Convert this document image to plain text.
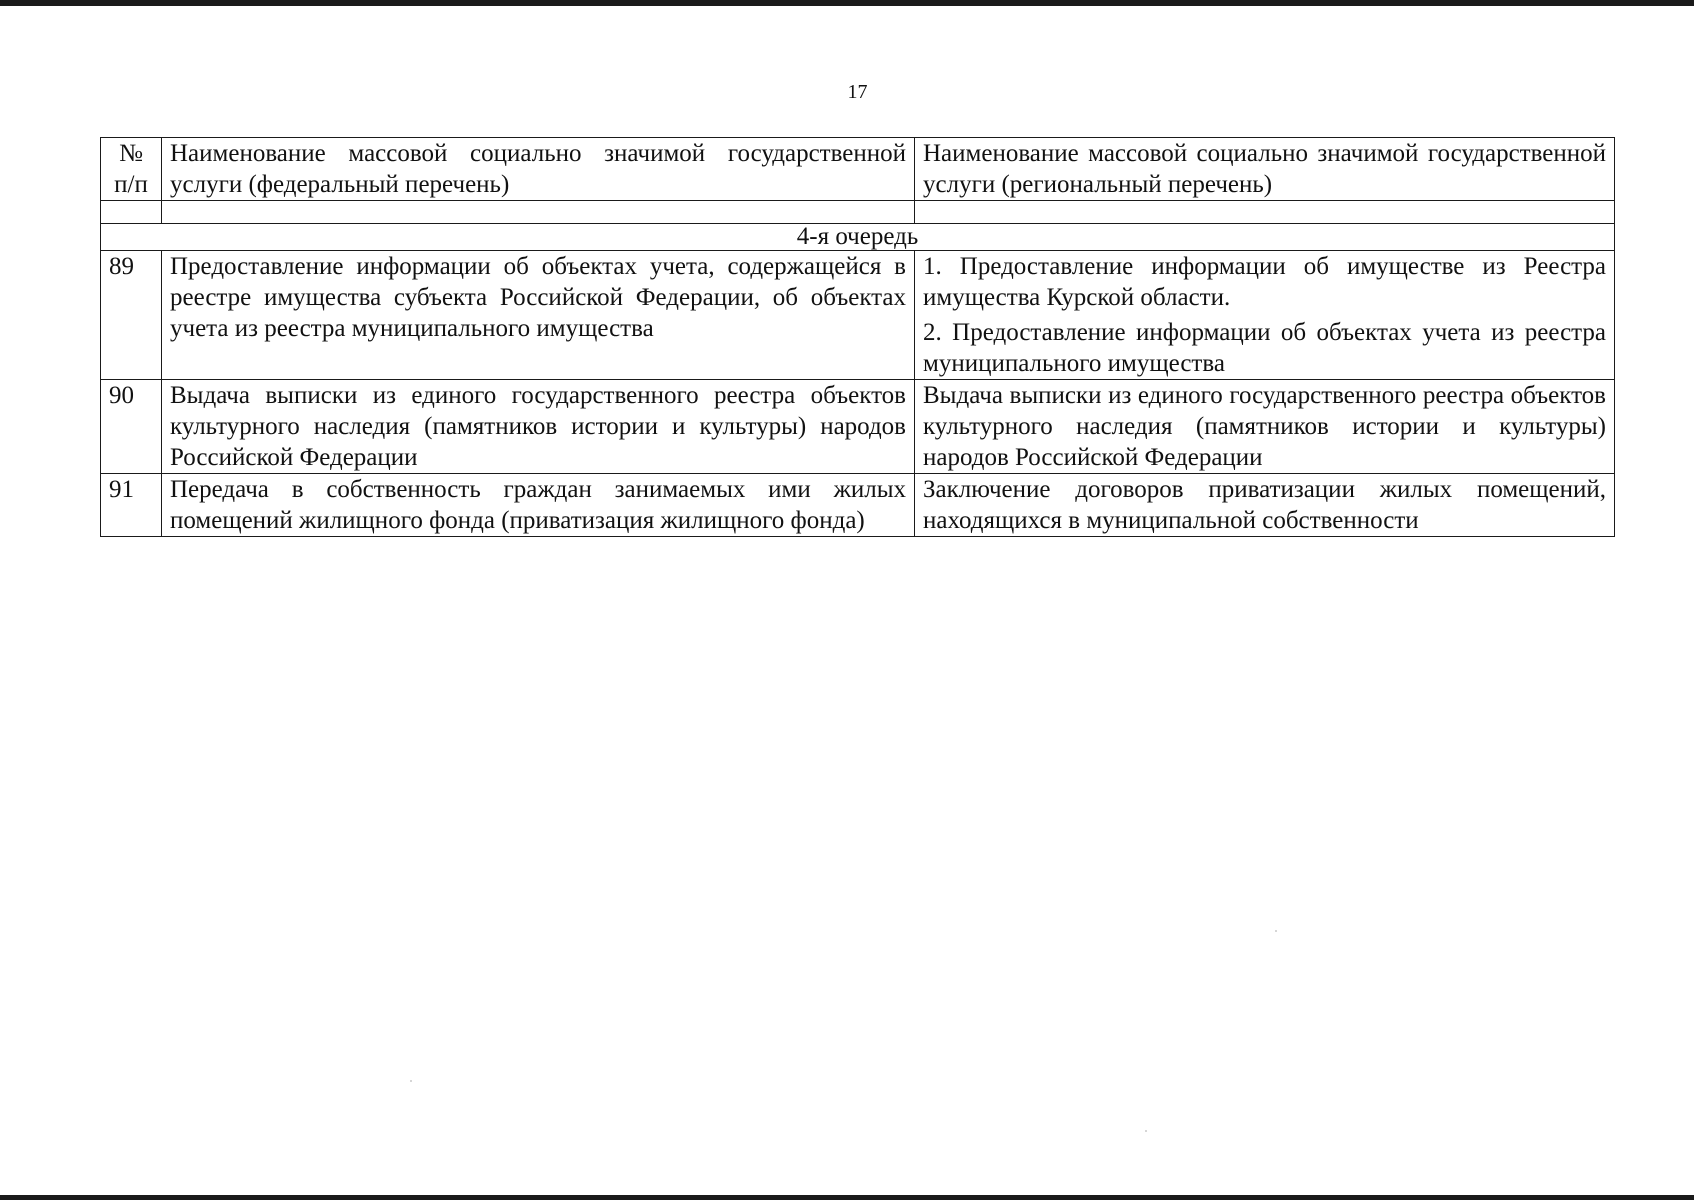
17
№ п/п	Наименование массовой социально значимой государственной услуги (федеральный перечень)	Наименование массовой социально значимой государственной услуги (региональный перечень)

4-я очередь		
89	Предоставление информации об объектах учета, содержащейся в реестре имущества субъекта Российской Федерации, об объектах учета из реестра муниципального имущества	1. Предоставление информации об имуществе из Реестра имущества Курской области.
2. Предоставление информации об объектах учета из реестра муниципального имущества

90	Выдача выписки из единого государственного реестра объектов культурного наследия (памятников истории и культуры) народов Российской Федерации	Выдача выписки из единого государственного реестра объектов культурного наследия (памятников истории и культуры) народов Российской Федерации
91	Передача в собственность граждан занимаемых ими жилых помещений жилищного фонда (приватизация жилищного фонда)	Заключение договоров приватизации жилых помещений, находящихся в муниципальной собственности
